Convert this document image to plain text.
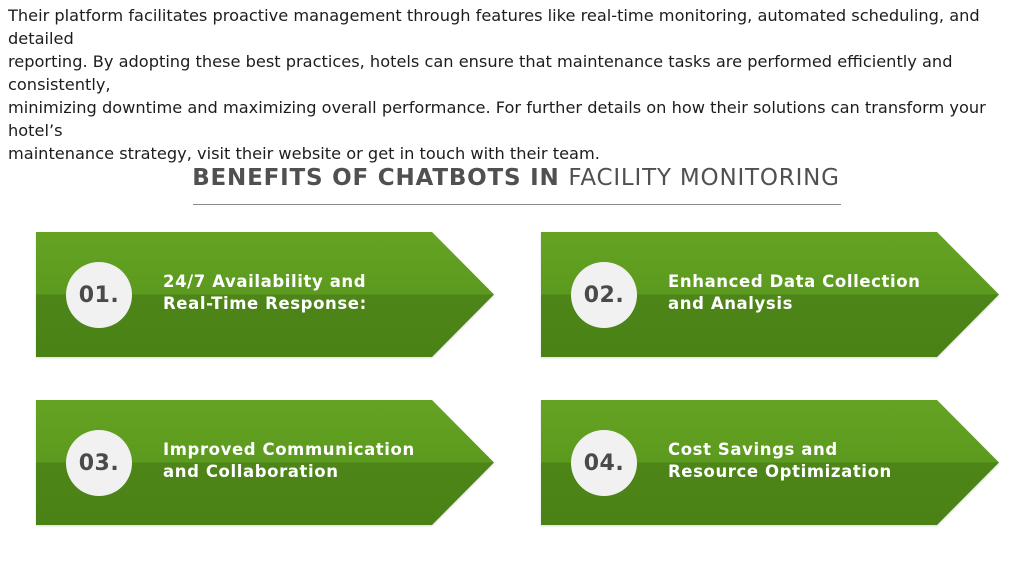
Their platform facilitates proactive management through features like real-time monitoring, automated scheduling, and detailed
reporting. By adopting these best practices, hotels can ensure that maintenance tasks are performed efficiently and consistently,
minimizing downtime and maximizing overall performance. For further details on how their solutions can transform your hotel’s
maintenance strategy, visit their website or get in touch with their team.

BENEFITS OF CHATBOTS IN FACILITY MONITORING
01.
24/7 Availability and
Real-Time Response:	02.
Enhanced Data Collection
and Analysis
03.
Improved Communication
and Collaboration	04.
Cost Savings and
Resource Optimization
